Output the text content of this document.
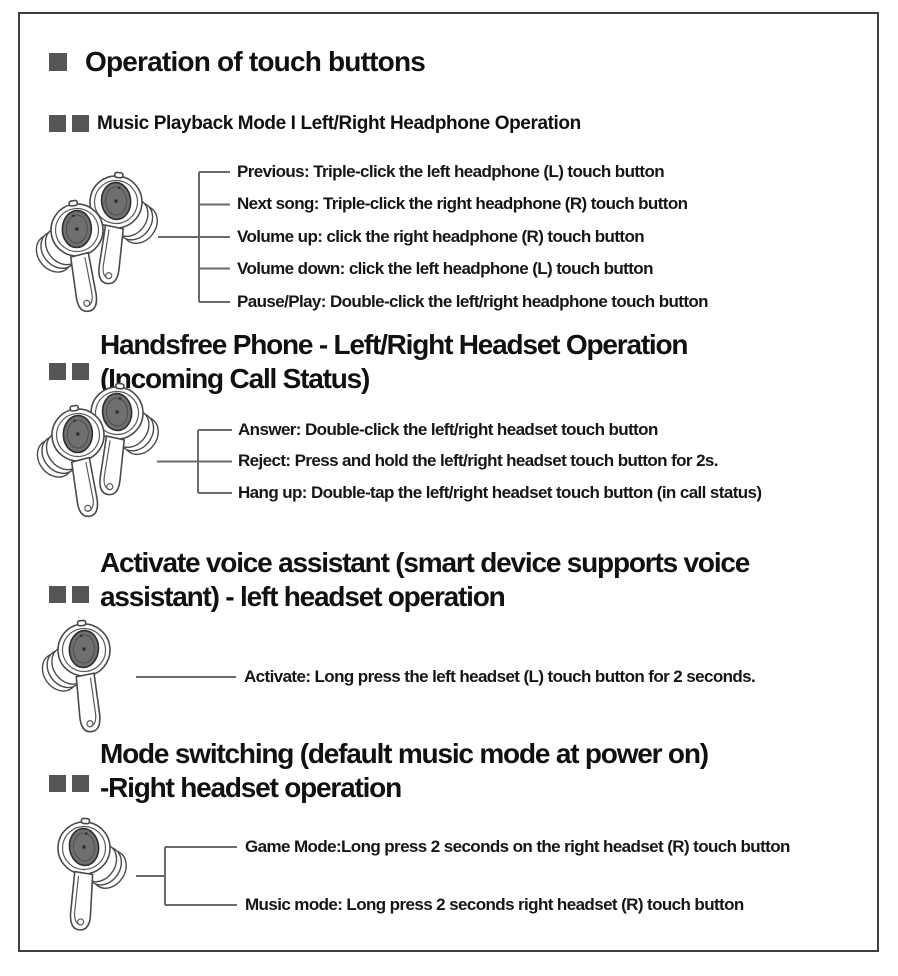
Operation of touch buttons
Music Playback Mode I Left/Right Headphone Operation
Previous: Triple-click the left headphone (L) touch button
Next song: Triple-click the right headphone (R) touch button
Volume up: click the right headphone (R) touch button
Volume down: click the left headphone (L) touch button
Pause/Play: Double-click the left/right headphone touch button
Handsfree Phone - Left/Right Headset Operation
(Incoming Call Status)
Answer: Double-click the left/right headset touch button
Reject: Press and hold the left/right headset touch button for 2s.
Hang up: Double-tap the left/right headset touch button (in call status)
Activate voice assistant (smart device supports voice
assistant) - left headset operation
Activate: Long press the left headset (L) touch button for 2 seconds.
Mode switching (default music mode at power on)
-Right headset operation
Game Mode:Long press 2 seconds on the right headset (R) touch button
Music mode: Long press 2 seconds right headset (R) touch button
